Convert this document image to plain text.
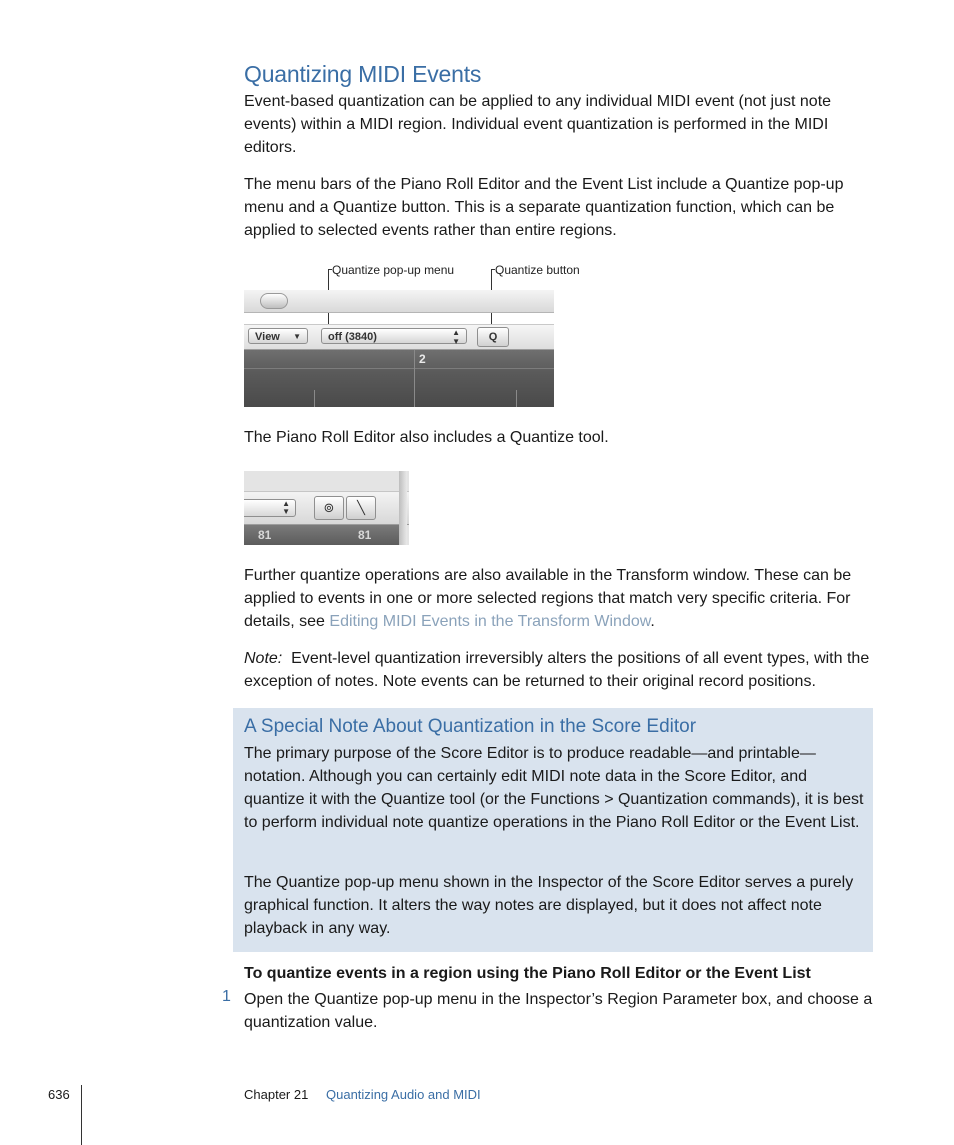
Quantizing MIDI Events

Event-based quantization can be applied to any individual MIDI event (not just note events) within a MIDI region. Individual event quantization is performed in the MIDI editors.

The menu bars of the Piano Roll Editor and the Event List include a Quantize pop-up menu and a Quantize button. This is a separate quantization function, which can be applied to selected events rather than entire regions.

Quantize pop-up menu	Quantize button
View ▼	off (3840)	▲
▼	Q
2

The Piano Roll Editor also includes a Quantize tool.

▲
▼	⊚	╲
81	81

Further quantize operations are also available in the Transform window. These can be applied to events in one or more selected regions that match very specific criteria. For details, see Editing MIDI Events in the Transform Window.

Note: Event-level quantization irreversibly alters the positions of all event types, with the exception of notes. Note events can be returned to their original record positions.

A Special Note About Quantization in the Score Editor

The primary purpose of the Score Editor is to produce readable—and printable—notation. Although you can certainly edit MIDI note data in the Score Editor, and quantize it with the Quantize tool (or the Functions > Quantization commands), it is best to perform individual note quantize operations in the Piano Roll Editor or the Event List.

The Quantize pop-up menu shown in the Inspector of the Score Editor serves a purely graphical function. It alters the way notes are displayed, but it does not affect note playback in any way.

To quantize events in a region using the Piano Roll Editor or the Event List

1 Open the Quantize pop-up menu in the Inspector’s Region Parameter box, and choose a quantization value.

636	Chapter 21 Quantizing Audio and MIDI
